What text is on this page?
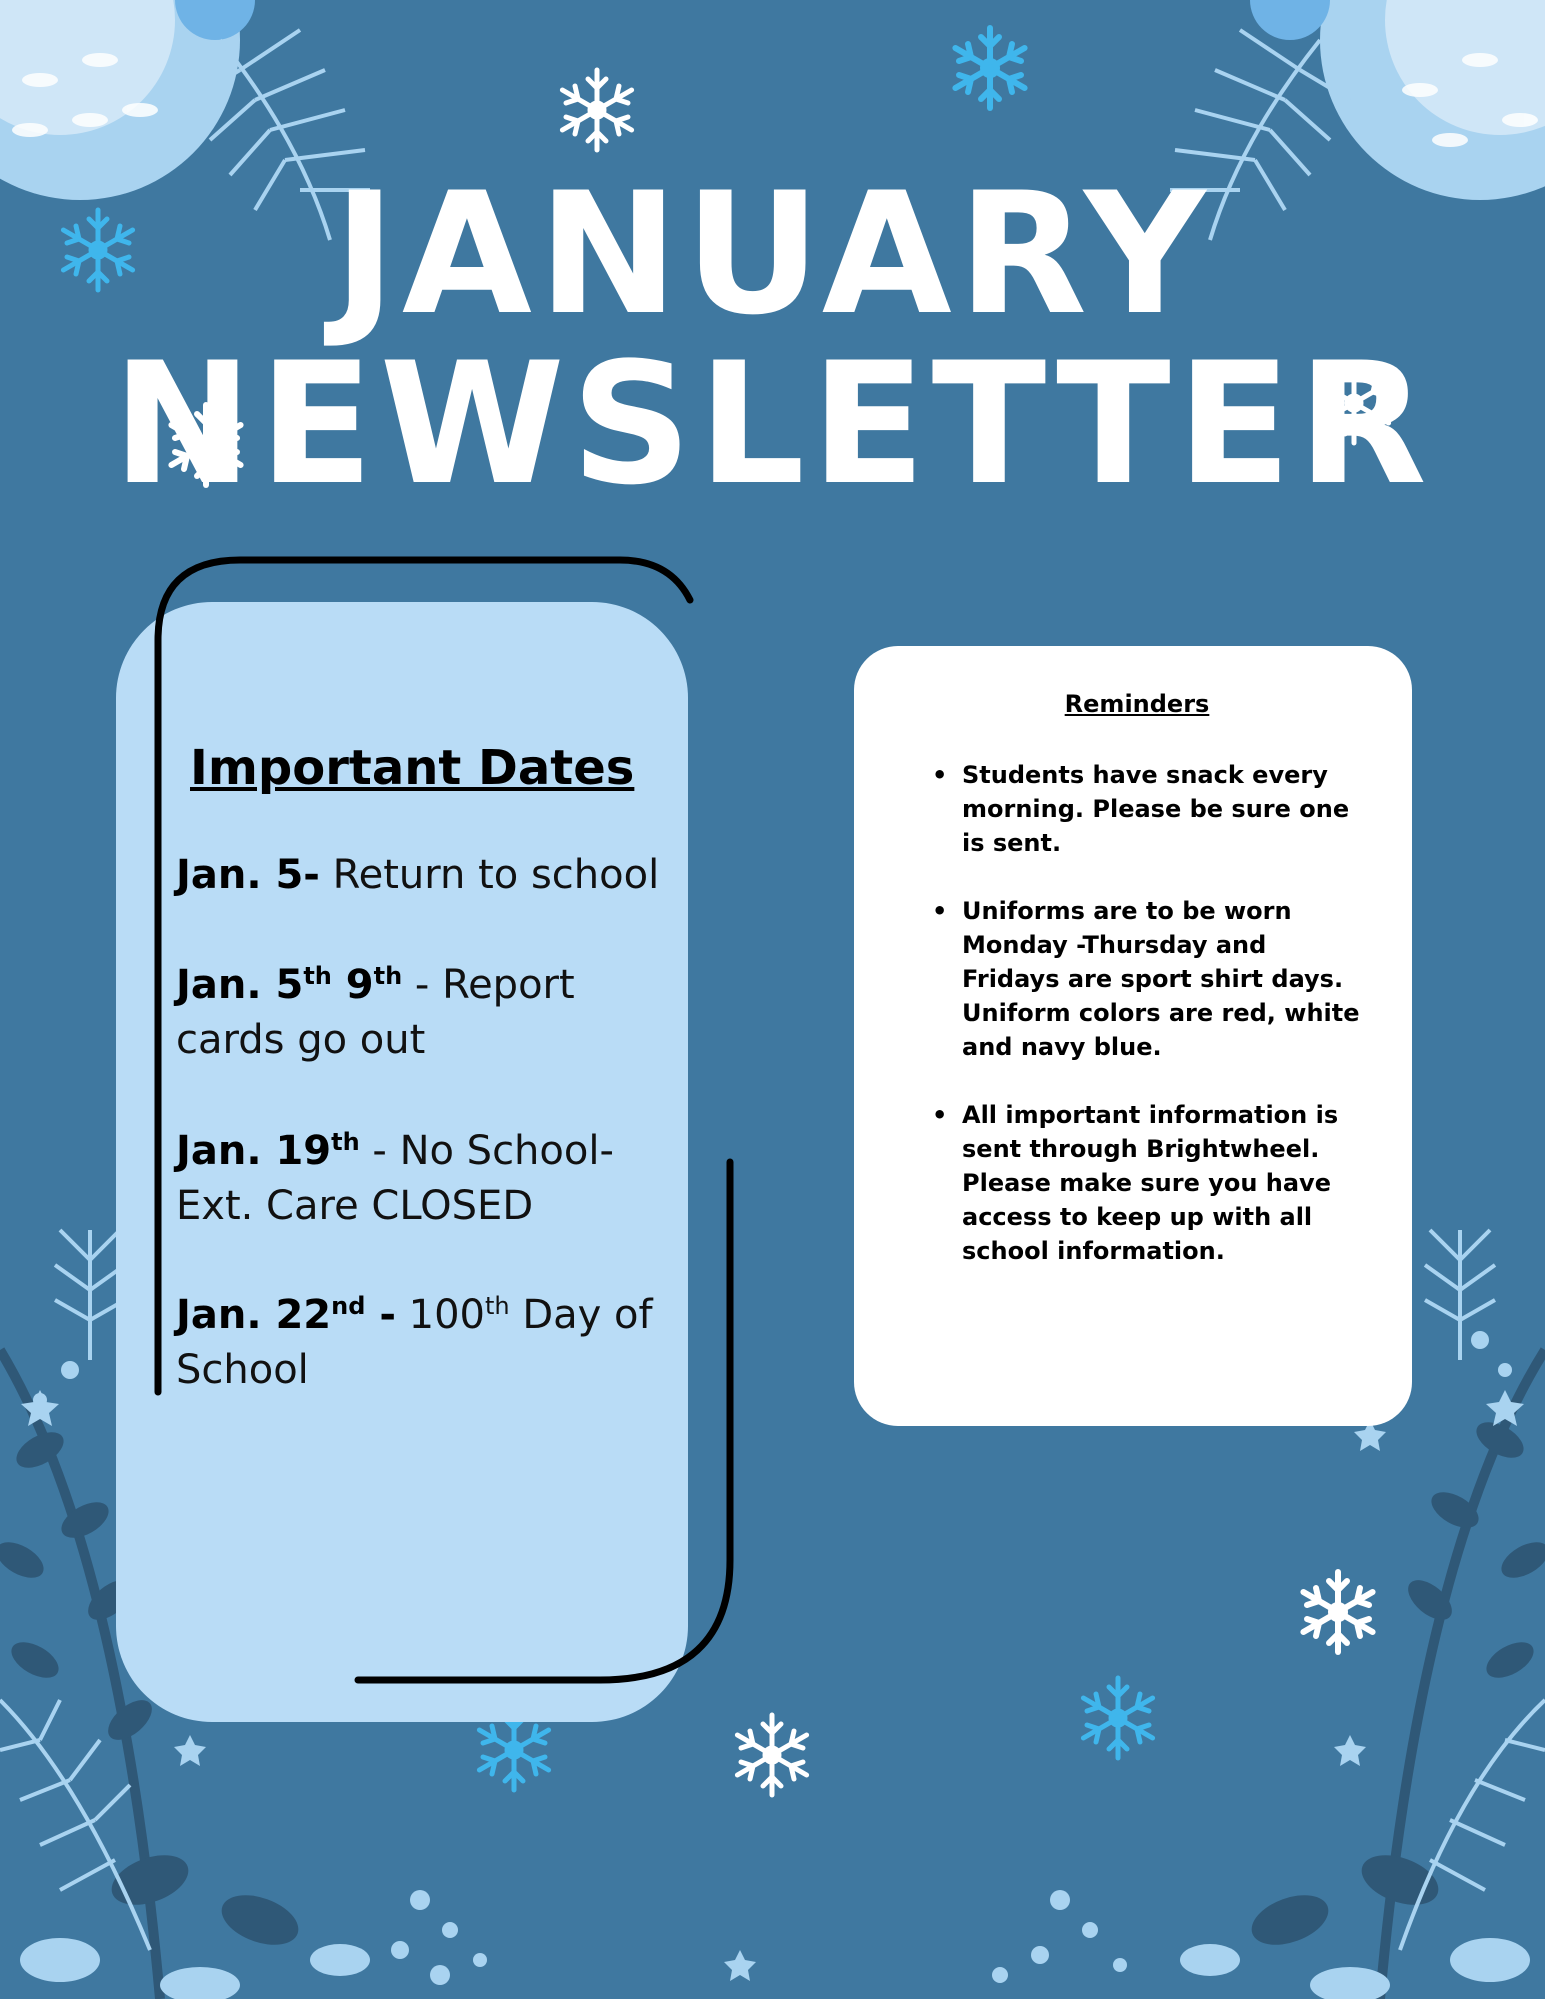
JANUARY
NEWSLETTER
Important Dates
Jan. 5- Return to school
Jan. 5th 9th - Report cards go out
Jan. 19th - No School- Ext. Care CLOSED
Jan. 22nd - 100th Day of School
Reminders
• Students have snack every morning. Please be sure one is sent.
• Uniforms are to be worn Monday -Thursday and Fridays are sport shirt days. Uniform colors are red, white and navy blue.
• All important information is sent through Brightwheel. Please make sure you have access to keep up with all school information.
